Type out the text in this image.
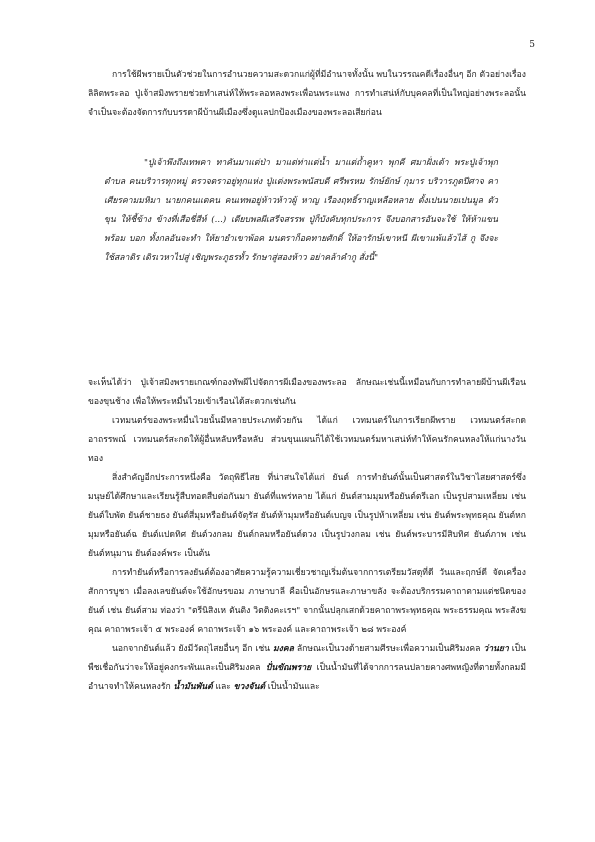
5

การใช้ผีพรายเป็นตัวช่วยในการอำนวยความสะดวกแก่ผู้ที่มีอำนาจทั้งนั้น พบในวรรณคดีเรื่องอื่นๆ อีก ตัวอย่างเรื่อง ลิลิตพระลอ ปู่เจ้าสมิงพรายช่วยทำเสน่ห์ให้พระลอหลงพระเพื่อนพระแพง การทำเสน่ห์กับบุคคลที่เป็นใหญ่อย่างพระลอนั้นจำเป็นจะต้องจัดการกับบรรดาผีบ้านผีเมืองซึ่งดูแลปกป้องเมืองของพระลอเสียก่อน

"ปู่เจ้าพึงถึงเทพคา ทาคันมาแต่ป่า มาแต่ท่าแต่น้ำ มาแต่ถ้ำคูหา พุกคี ศมาฝั่งเต้า พระปู่เจ้าพุกตำบล คนบริวารทุกหมู่ ตรวจตราอยู่ทุกแห่ง ปู่แต่งพระพนัสบดี ศรีพรหม รักษ์ยักษ์ กุมาร บริวารภูตปีศาจ คาเศียรคามมหิมา นายกคนแตคน คนเทพอยู่ห้าวห้าวผู้ หาญ เรืองฤทธิ์ราญเหลือหลาย ตั้งเปนนายเปนมูล ตัวขุน ให้ชี้ข้าง ข้างที่เสือชี่สีห์ (...) เตียบพลผีเสรีจสรรพ ปู่ก็บังคับทุกประการ จึงบอกสารอันจะใช้ ให้ห้าแขนพร้อม บอก ทั้งกลอันจะทำ ให้ยายำเขาพ้อค มนตราก็อคทายศักดิ์ ให้อารักษ์เขาหนี ผีเขาแพ้แล้วไส้ กู จึงจะใช้สลาดิร เดิรเวหาไปสู่ เชิญพระภูธรทั้ว รักษาสู่สองห้าว อย่าคล้าคำกู สั่งนี้"

จะเห็นได้ว่า ปู่เจ้าสมิงพรายเกณฑ์กองทัพผีไปจัดการผีเมืองของพระลอ ลักษณะเช่นนี้เหมือนกับการทำลายผีบ้านผีเรือนของขุนช้าง เพื่อให้พระหมื่นไวยเข้าเรือนได้สะดวกเช่นกัน

เวทมนตร์ของพระหมื่นไวยนั้นมีหลายประเภทด้วยกัน ได้แก่ เวทมนตร์ในการเรียกผีพราย เวทมนตร์สะกดอาถรรพณ์ เวทมนตร์สะกดให้ผู้อื่นหลับหรือหลับ ส่วนขุนแผนก็ได้ใช้เวทมนตร์มหาเสน่ห์ทำให้คนรักคนหลงให้แก่นางวันทอง

สิ่งสำคัญอีกประการหนึ่งคือ วัตถุพิธีไสย ที่น่าสนใจได้แก่ ยันต์ การทำยันต์นั้นเป็นศาสตร์ในวิชาไสยศาสตร์ซึ่งมนุษย์ได้ศึกษาและเรียนรู้สืบทอดสืบต่อกันมา ยันต์ที่แพร่หลาย ได้แก่ ยันต์สามมุมหรือยันต์ตรีเอก เป็นรูปสามเหลี่ยม เช่น ยันต์ใบพัด ยันต์ชายธง ยันต์สี่มุมหรือยันต์จัตุรัส ยันต์ห้ามุมหรือยันต์เบญจ เป็นรูปห้าเหลี่ยม เช่น ยันต์พระพุทธคุณ ยันต์หกมุมหรือยันต์ฉ ยันต์แปดทิศ ยันต์วงกลม ยันต์กลมหรือยันต์ดวง เป็นรูปวงกลม เช่น ยันต์พระบารมีสิบทิศ ยันต์ภาพ เช่น ยันต์หนุมาน ยันต์องค์พระ เป็นต้น

การทำยันต์หรือการลงยันต์ต้องอาศัยความรู้ความเชี่ยวชาญเริ่มต้นจากการเตรียมวัสดุที่ดี วันและฤกษ์ดี จัดเครื่องสักการบูชา เมื่อลงเลขยันต์จะใช้อักษรขอม ภาษาบาลี คือเป็นอักษรและภาษาขลัง จะต้องบริกรรมคาถาตามแต่ชนิดของยันต์ เช่น ยันต์สาม ท่องว่า "ตรีนิสิงเห ตันติง วิตติงคะเรฯ" จากนั้นปลุกเสกด้วยคาถาพระพุทธคุณ พระธรรมคุณ พระสังฆคุณ คาถาพระเจ้า ๕ พระองค์ คาถาพระเจ้า ๑๖ พระองค์ และคาถาพระเจ้า ๒๘ พระองค์

นอกจากยันต์แล้ว ยังมีวัตถุไสยอื่นๆ อีก เช่น มงคล ลักษณะเป็นวงด้ายสามศีรษะเพื่อความเป็นศิริมงคล ว่านยา เป็นพืชเชื่อกันว่าจะให้อยู่คงกระพันและเป็นศิริมงคล ปั่นขัณพราย เป็นน้ำมันที่ได้จากการลนปลายคางศพหญิงที่ตายทั้งกลมมีอำนาจทำให้คนหลงรัก น้ำมันพันต์ และ ขวงจันต์ เป็นน้ำมันและ
